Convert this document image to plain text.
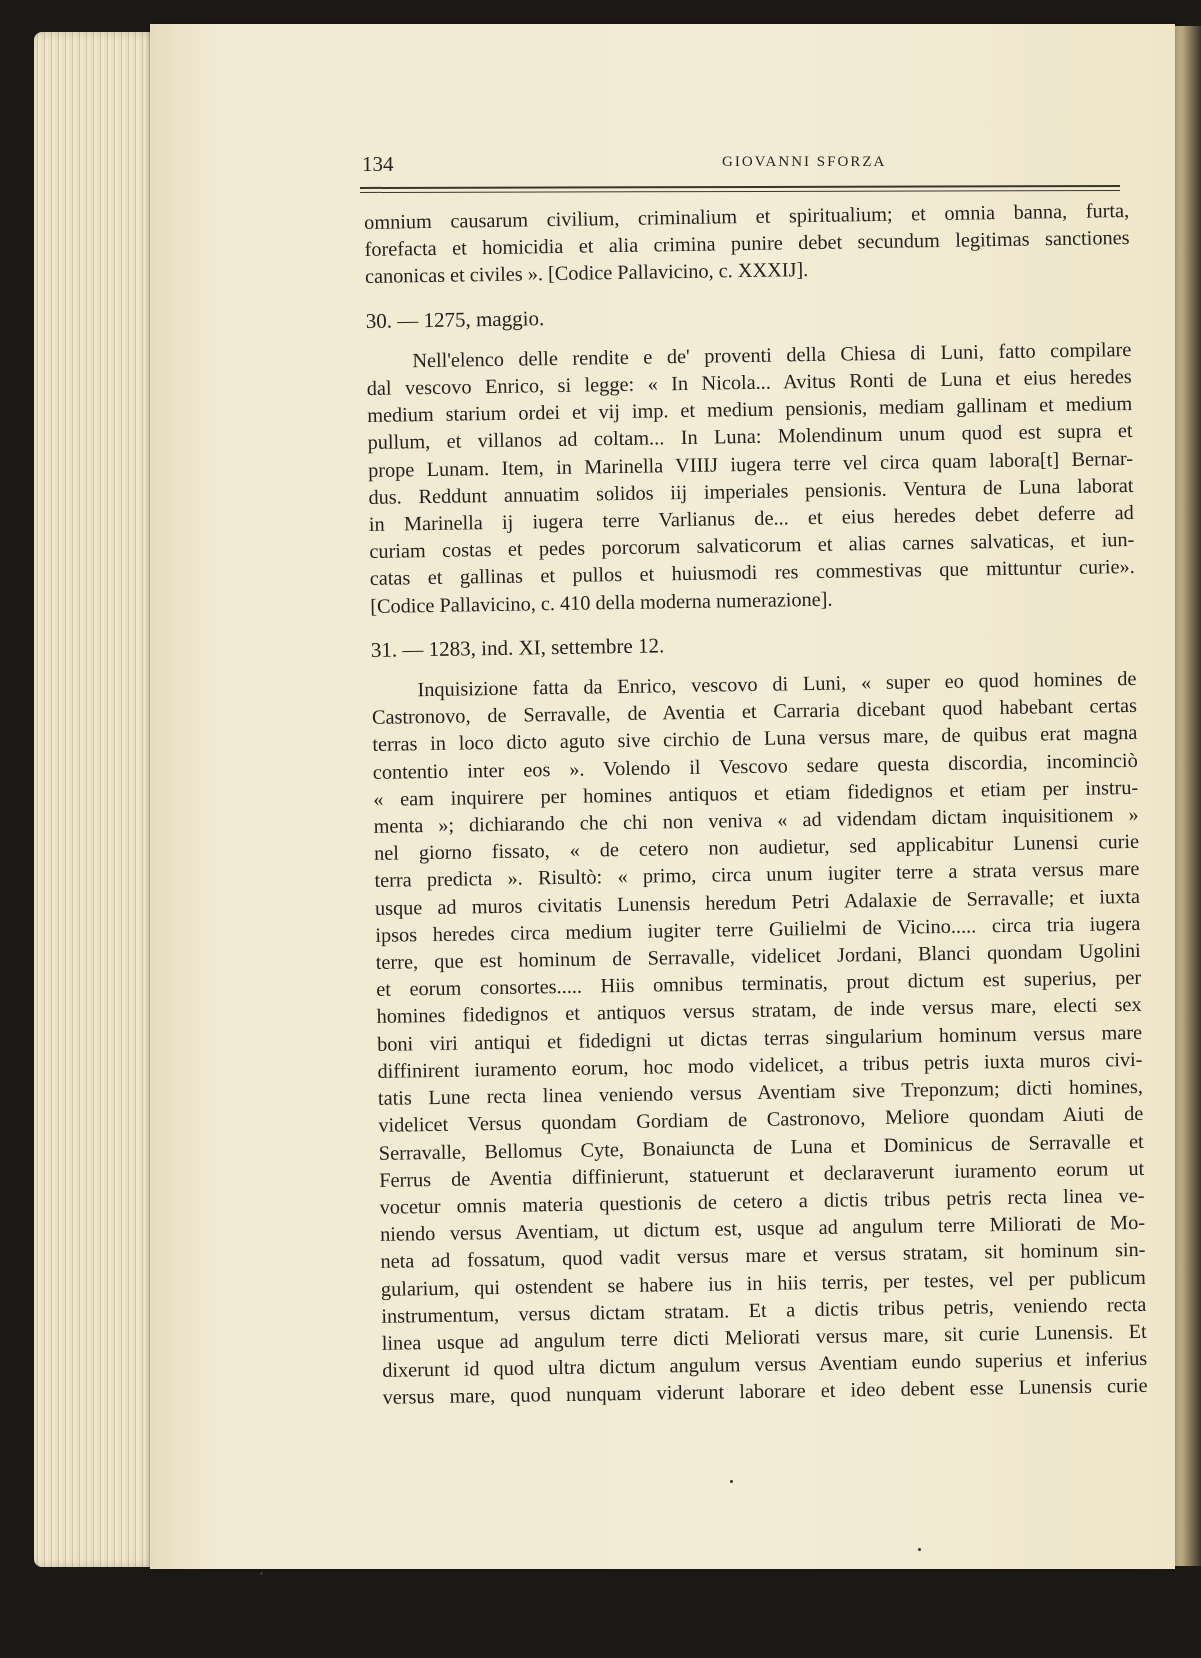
134	GIOVANNI SFORZA

omnium causarum civilium, criminalium et spiritualium; et omnia banna, furta,

forefacta et homicidia et alia crimina punire debet secundum legitimas sanctiones

canonicas et civiles ». [Codice Pallavicino, c. XXXIJ].

30. — 1275, maggio.

Nell'elenco delle rendite e de' proventi della Chiesa di Luni, fatto compilare

dal vescovo Enrico, si legge: « In Nicola... Avitus Ronti de Luna et eius heredes

medium starium ordei et vij imp. et medium pensionis, mediam gallinam et medium

pullum, et villanos ad coltam... In Luna: Molendinum unum quod est supra et

prope Lunam. Item, in Marinella VIIIJ iugera terre vel circa quam labora[t] Bernar-

dus. Reddunt annuatim solidos iij imperiales pensionis. Ventura de Luna laborat

in Marinella ij iugera terre Varlianus de... et eius heredes debet deferre ad

curiam costas et pedes porcorum salvaticorum et alias carnes salvaticas, et iun-

catas et gallinas et pullos et huiusmodi res commestivas que mittuntur curie».

[Codice Pallavicino, c. 410 della moderna numerazione].

31. — 1283, ind. XI, settembre 12.

Inquisizione fatta da Enrico, vescovo di Luni, « super eo quod homines de

Castronovo, de Serravalle, de Aventia et Carraria dicebant quod habebant certas

terras in loco dicto aguto sive circhio de Luna versus mare, de quibus erat magna

contentio inter eos ». Volendo il Vescovo sedare questa discordia, incominciò

« eam inquirere per homines antiquos et etiam fidedignos et etiam per instru-

menta »; dichiarando che chi non veniva « ad videndam dictam inquisitionem »

nel giorno fissato, « de cetero non audietur, sed applicabitur Lunensi curie

terra predicta ». Risultò: « primo, circa unum iugiter terre a strata versus mare

usque ad muros civitatis Lunensis heredum Petri Adalaxie de Serravalle; et iuxta

ipsos heredes circa medium iugiter terre Guilielmi de Vicino..... circa tria iugera

terre, que est hominum de Serravalle, videlicet Jordani, Blanci quondam Ugolini

et eorum consortes..... Hiis omnibus terminatis, prout dictum est superius, per

homines fidedignos et antiquos versus stratam, de inde versus mare, electi sex

boni viri antiqui et fidedigni ut dictas terras singularium hominum versus mare

diffinirent iuramento eorum, hoc modo videlicet, a tribus petris iuxta muros civi-

tatis Lune recta linea veniendo versus Aventiam sive Treponzum; dicti homines,

videlicet Versus quondam Gordiam de Castronovo, Meliore quondam Aiuti de

Serravalle, Bellomus Cyte, Bonaiuncta de Luna et Dominicus de Serravalle et

Ferrus de Aventia diffinierunt, statuerunt et declaraverunt iuramento eorum ut

vocetur omnis materia questionis de cetero a dictis tribus petris recta linea ve-

niendo versus Aventiam, ut dictum est, usque ad angulum terre Miliorati de Mo-

neta ad fossatum, quod vadit versus mare et versus stratam, sit hominum sin-

gularium, qui ostendent se habere ius in hiis terris, per testes, vel per publicum

instrumentum, versus dictam stratam. Et a dictis tribus petris, veniendo recta

linea usque ad angulum terre dicti Meliorati versus mare, sit curie Lunensis. Et

dixerunt id quod ultra dictum angulum versus Aventiam eundo superius et inferius

versus mare, quod nunquam viderunt laborare et ideo debent esse Lunensis curie
